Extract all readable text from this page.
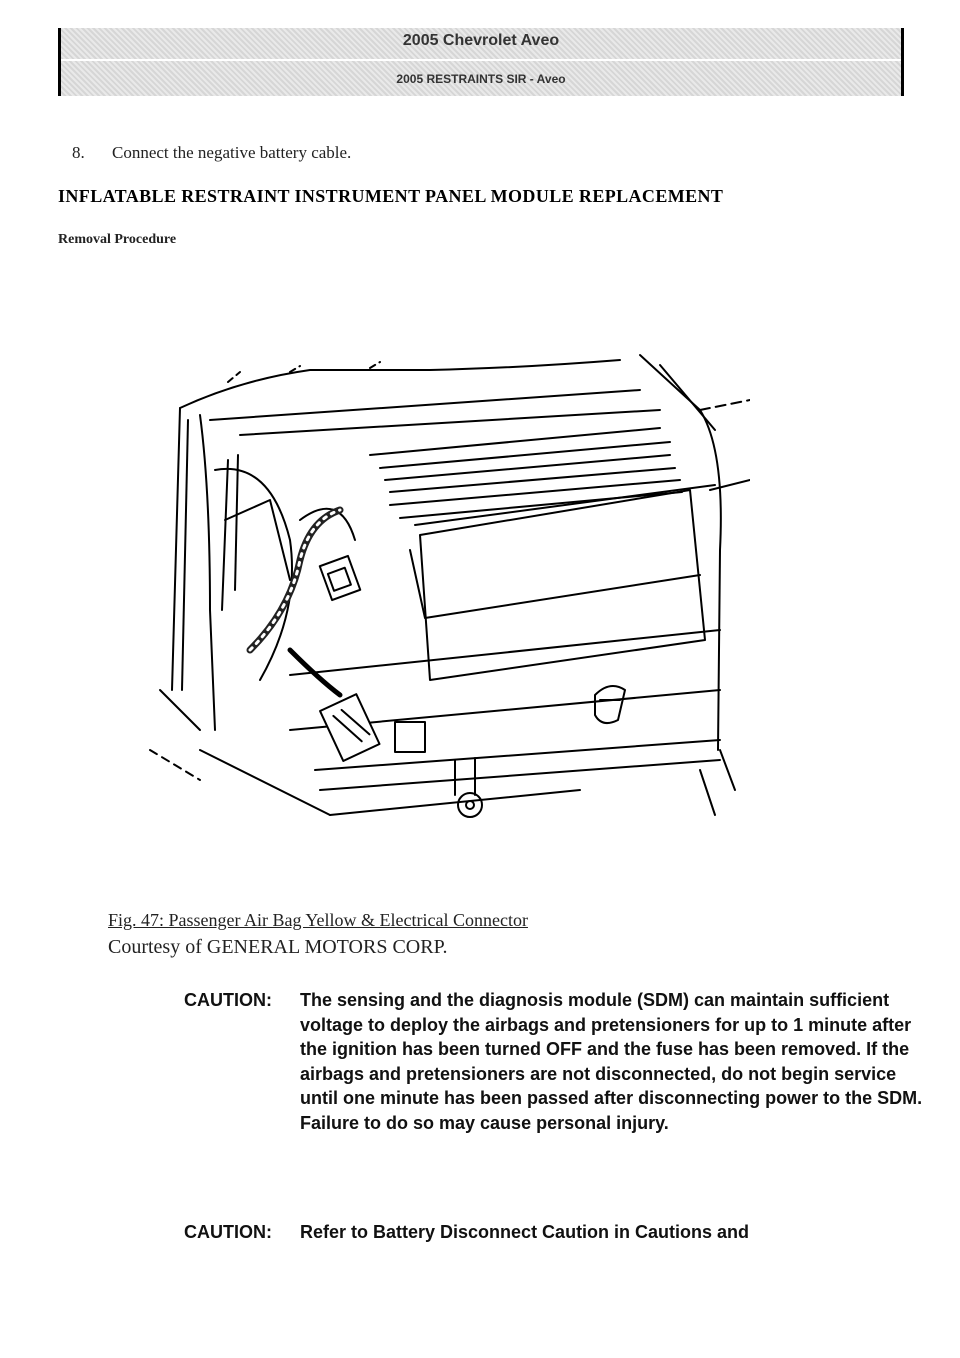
2005 Chevrolet Aveo
2005 RESTRAINTS SIR - Aveo
8. Connect the negative battery cable.
INFLATABLE RESTRAINT INSTRUMENT PANEL MODULE REPLACEMENT
Removal Procedure
Fig. 47: Passenger Air Bag Yellow & Electrical Connector
Courtesy of GENERAL MOTORS CORP.
CAUTION:	The sensing and the diagnosis module (SDM) can maintain sufficient voltage to deploy the airbags and pretensioners for up to 1 minute after the ignition has been turned OFF and the fuse has been removed. If the airbags and pretensioners are not disconnected, do not begin service until one minute has been passed after disconnecting power to the SDM. Failure to do so may cause personal injury.
CAUTION:	Refer to Battery Disconnect Caution in Cautions and
